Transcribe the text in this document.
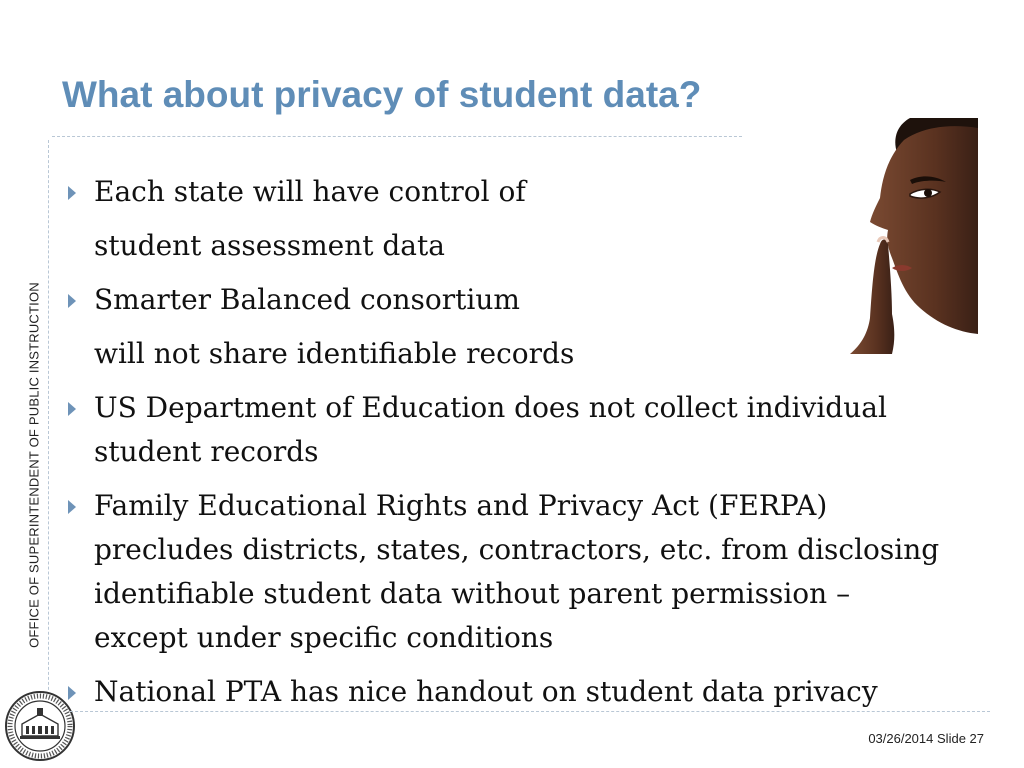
What about privacy of student data?
OFFICE OF SUPERINTENDENT OF PUBLIC INSTRUCTION
Each state will have control of
student assessment data
Smarter Balanced consortium
will not share identifiable records
US Department of Education does not collect individual
student records
Family Educational Rights and Privacy Act (FERPA)
precludes districts, states, contractors, etc. from disclosing
identifiable student data without parent permission –
except under specific conditions
National PTA has nice handout on student data privacy
03/26/2014 Slide 27
